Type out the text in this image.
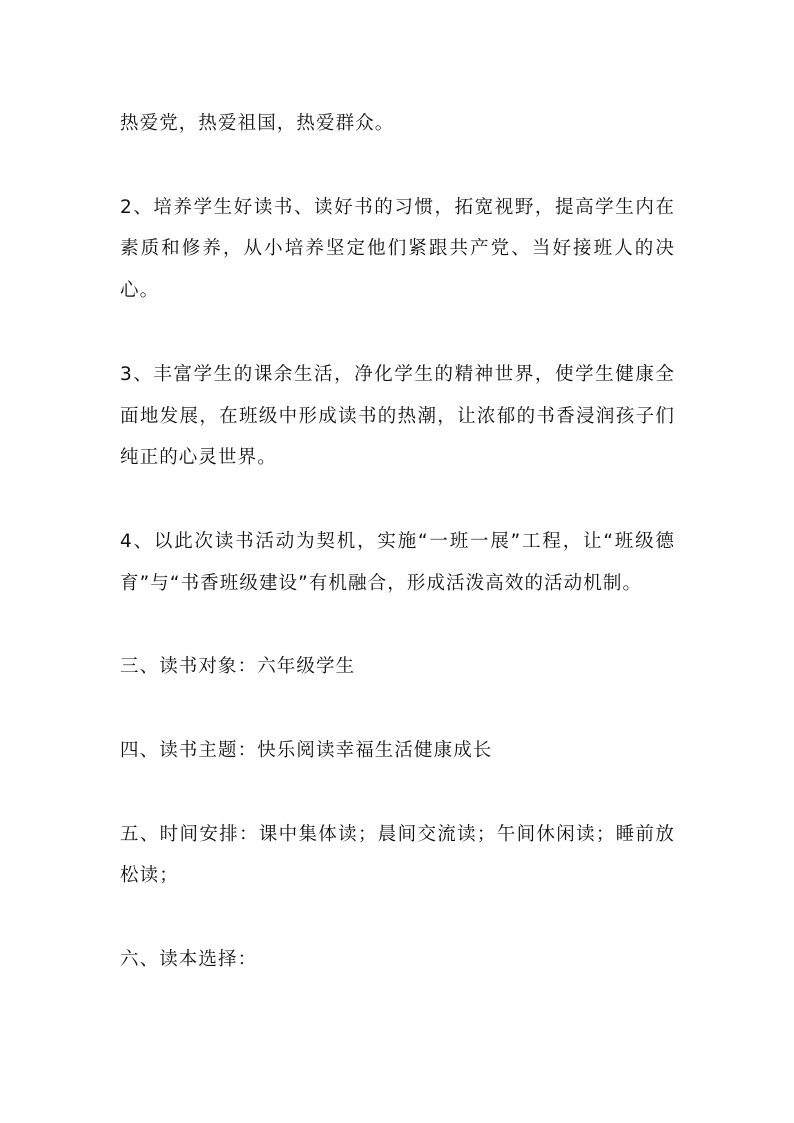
热爱党，热爱祖国，热爱群众。

2、培养学生好读书、读好书的习惯，拓宽视野，提高学生内在素质和修养，从小培养坚定他们紧跟共产党、当好接班人的决心。

3、丰富学生的课余生活，净化学生的精神世界，使学生健康全面地发展，在班级中形成读书的热潮，让浓郁的书香浸润孩子们纯正的心灵世界。

4、以此次读书活动为契机，实施“一班一展”工程，让“班级德育”与“书香班级建设”有机融合，形成活泼高效的活动机制。

三、读书对象：六年级学生

四、读书主题：快乐阅读幸福生活健康成长

五、时间安排：课中集体读；晨间交流读；午间休闲读；睡前放松读；

六、读本选择：
